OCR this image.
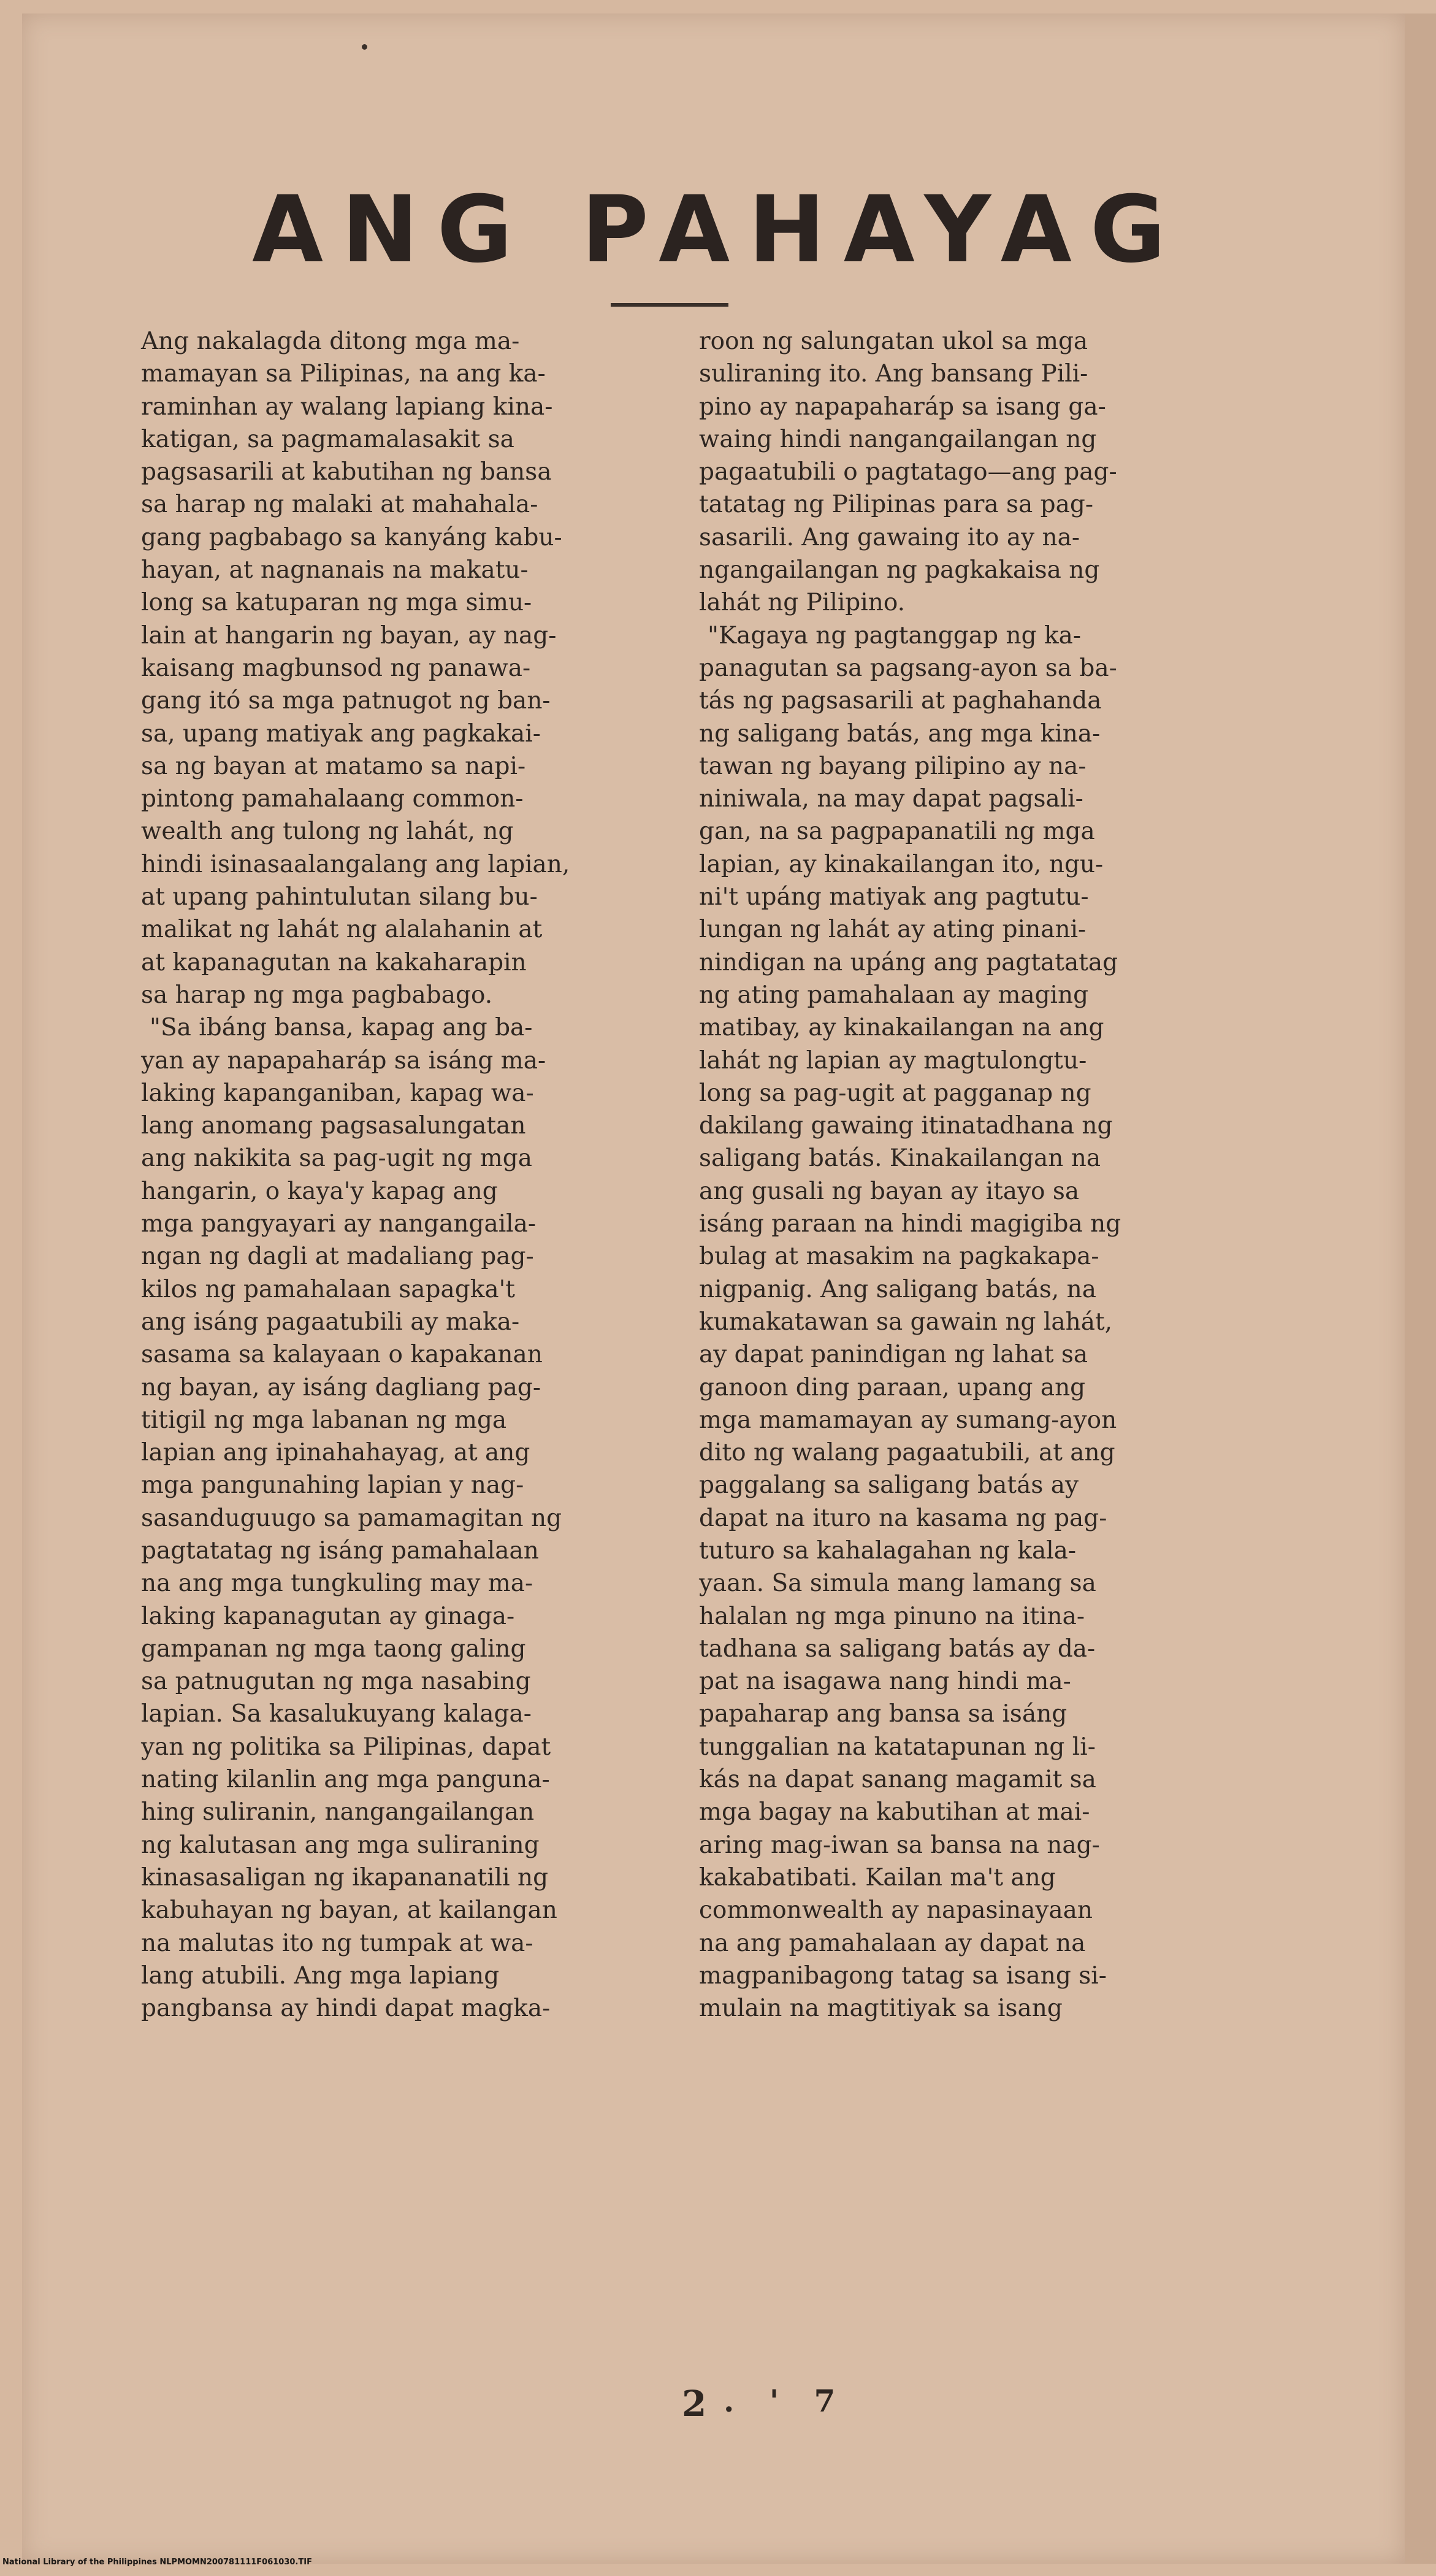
ANG PAHAYAG
Ang nakalagda ditong mga ma-
mamayan sa Pilipinas, na ang ka-
raminhan ay walang lapiang kina-
katigan, sa pagmamalasakit sa
pagsasarili at kabutihan ng bansa
sa harap ng malaki at mahahala-
gang pagbabago sa kanyáng kabu-
hayan, at nagnanais na makatu-
long sa katuparan ng mga simu-
lain at hangarin ng bayan, ay nag-
kaisang magbunsod ng panawa-
gang itó sa mga patnugot ng ban-
sa, upang matiyak ang pagkakai-
sa ng bayan at matamo sa napi-
pintong pamahalaang common-
wealth ang tulong ng lahát, ng
hindi isinasaalangalang ang lapian,
at upang pahintulutan silang bu-
malikat ng lahát ng alalahanin at
at kapanagutan na kakaharapin
sa harap ng mga pagbabago.
"Sa ibáng bansa, kapag ang ba-
yan ay napapaharáp sa isáng ma-
laking kapanganiban, kapag wa-
lang anomang pagsasalungatan
ang nakikita sa pag-ugit ng mga
hangarin, o kaya'y kapag ang
mga pangyayari ay nangangaila-
ngan ng dagli at madaliang pag-
kilos ng pamahalaan sapagka't
ang isáng pagaatubili ay maka-
sasama sa kalayaan o kapakanan
ng bayan, ay isáng dagliang pag-
titigil ng mga labanan ng mga
lapian ang ipinahahayag, at ang
mga pangunahing lapian y nag-
sasanduguugo sa pamamagitan ng
pagtatatag ng isáng pamahalaan
na ang mga tungkuling may ma-
laking kapanagutan ay ginaga-
gampanan ng mga taong galing
sa patnugutan ng mga nasabing
lapian. Sa kasalukuyang kalaga-
yan ng politika sa Pilipinas, dapat
nating kilanlin ang mga panguna-
hing suliranin, nangangailangan
ng kalutasan ang mga suliraning
kinasasaligan ng ikapananatili ng
kabuhayan ng bayan, at kailangan
na malutas ito ng tumpak at wa-
lang atubili. Ang mga lapiang
pangbansa ay hindi dapat magka-
roon ng salungatan ukol sa mga
suliraning ito. Ang bansang Pili-
pino ay napapaharáp sa isang ga-
waing hindi nangangailangan ng
pagaatubili o pagtatago—ang pag-
tatatag ng Pilipinas para sa pag-
sasarili. Ang gawaing ito ay na-
ngangailangan ng pagkakaisa ng
lahát ng Pilipino.
"Kagaya ng pagtanggap ng ka-
panagutan sa pagsang-ayon sa ba-
tás ng pagsasarili at paghahanda
ng saligang batás, ang mga kina-
tawan ng bayang pilipino ay na-
niniwala, na may dapat pagsali-
gan, na sa pagpapanatili ng mga
lapian, ay kinakailangan ito, ngu-
ni't upáng matiyak ang pagtutu-
lungan ng lahát ay ating pinani-
nindigan na upáng ang pagtatatag
ng ating pamahalaan ay maging
matibay, ay kinakailangan na ang
lahát ng lapian ay magtulongtu-
long sa pag-ugit at pagganap ng
dakilang gawaing itinatadhana ng
saligang batás. Kinakailangan na
ang gusali ng bayan ay itayo sa
isáng paraan na hindi magigiba ng
bulag at masakim na pagkakapa-
nigpanig. Ang saligang batás, na
kumakatawan sa gawain ng lahát,
ay dapat panindigan ng lahat sa
ganoon ding paraan, upang ang
mga mamamayan ay sumang-ayon
dito ng walang pagaatubili, at ang
paggalang sa saligang batás ay
dapat na ituro na kasama ng pag-
tuturo sa kahalagahan ng kala-
yaan. Sa simula mang lamang sa
halalan ng mga pinuno na itina-
tadhana sa saligang batás ay da-
pat na isagawa nang hindi ma-
papaharap ang bansa sa isáng
tunggalian na katatapunan ng li-
kás na dapat sanang magamit sa
mga bagay na kabutihan at mai-
aring mag-iwan sa bansa na nag-
kakabatibati. Kailan ma't ang
commonwealth ay napasinayaan
na ang pamahalaan ay dapat na
magpanibagong tatag sa isang si-
mulain na magtitiyak sa isang
2 . ' 7
National Library of the Philippines NLPMOMN200781111F061030.TIF
